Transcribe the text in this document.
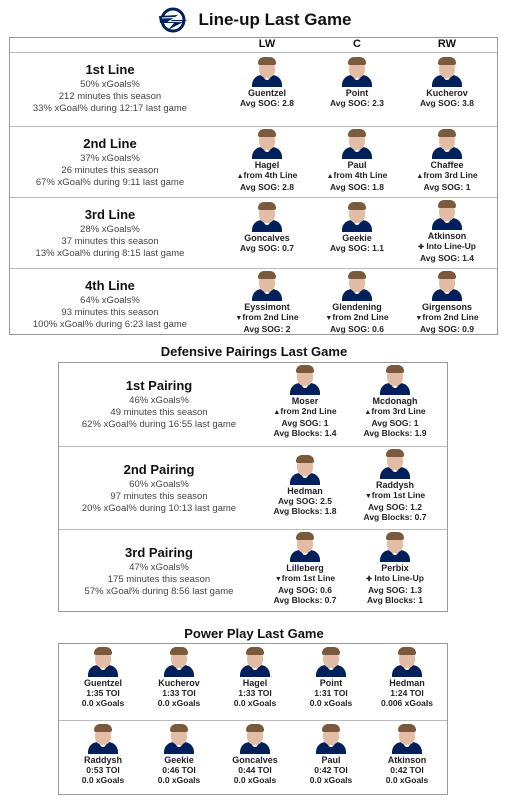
Line-up Last Game
LW	C	RW
1st Line
50% xGoals%
212 minutes this season
33% xGoal% during 12:17 last game
Guentzel
Avg SOG: 2.8
Point
Avg SOG: 2.3
Kucherov
Avg SOG: 3.8
2nd Line
37% xGoals%
26 minutes this season
67% xGoal% during 9:11 last game
Hagel
▲from 4th Line
Avg SOG: 2.8
Paul
▲from 4th Line
Avg SOG: 1.8
Chaffee
▲from 3rd Line
Avg SOG: 1
3rd Line
28% xGoals%
37 minutes this season
13% xGoal% during 8:15 last game
Goncalves
Avg SOG: 0.7
Geekie
Avg SOG: 1.1
Atkinson
✚ Into Line-Up
Avg SOG: 1.4
4th Line
64% xGoals%
93 minutes this season
100% xGoal% during 6:23 last game
Eyssimont
▼from 2nd Line
Avg SOG: 2
Glendening
▼from 2nd Line
Avg SOG: 0.6
Girgensons
▼from 2nd Line
Avg SOG: 0.9
Defensive Pairings Last Game
1st Pairing
46% xGoals%
49 minutes this season
62% xGoal% during 16:55 last game
Moser
▲from 2nd Line
Avg SOG: 1
Avg Blocks: 1.4
Mcdonagh
▲from 3rd Line
Avg SOG: 1
Avg Blocks: 1.9
2nd Pairing
60% xGoals%
97 minutes this season
20% xGoal% during 10:13 last game
Hedman
Avg SOG: 2.5
Avg Blocks: 1.8
Raddysh
▼from 1st Line
Avg SOG: 1.2
Avg Blocks: 0.7
3rd Pairing
47% xGoals%
175 minutes this season
57% xGoal% during 8:56 last game
Lilleberg
▼from 1st Line
Avg SOG: 0.6
Avg Blocks: 0.7
Perbix
✚ Into Line-Up
Avg SOG: 1.3
Avg Blocks: 1
Power Play Last Game
Guentzel
1:35 TOI
0.0 xGoals
Kucherov
1:33 TOI
0.0 xGoals
Hagel
1:33 TOI
0.0 xGoals
Point
1:31 TOI
0.0 xGoals
Hedman
1:24 TOI
0.006 xGoals
Raddysh
0:53 TOI
0.0 xGoals
Geekie
0:46 TOI
0.0 xGoals
Goncalves
0:44 TOI
0.0 xGoals
Paul
0:42 TOI
0.0 xGoals
Atkinson
0:42 TOI
0.0 xGoals
